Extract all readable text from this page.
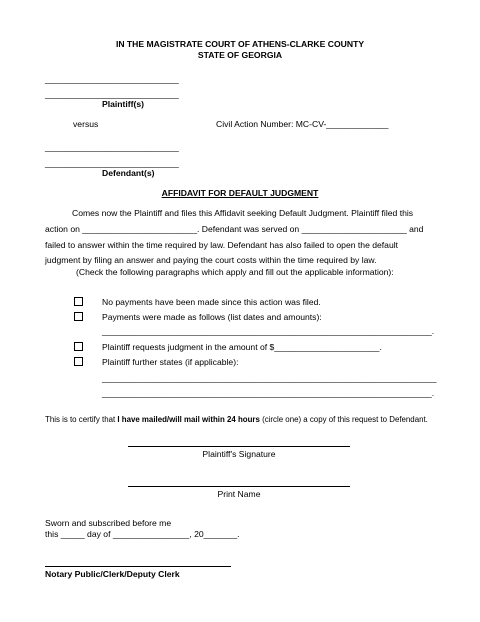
IN THE MAGISTRATE COURT OF ATHENS-CLARKE COUNTY
STATE OF GEORGIA
____________________________
____________________________
Plaintiff(s)
versus	Civil Action Number: MC-CV-_____________
____________________________
____________________________
Defendant(s)
AFFIDAVIT FOR DEFAULT JUDGMENT
Comes now the Plaintiff and files this Affidavit seeking Default Judgment. Plaintiff filed this
action on ________________________. Defendant was served on ______________________ and
failed to answer within the time required by law. Defendant has also failed to open the default
judgment by filing an answer and paying the court costs within the time required by law.
(Check the following paragraphs which apply and fill out the applicable information):
No payments have been made since this action was filed.
Payments were made as follows (list dates and amounts):
_____________________________________________________________________.
Plaintiff requests judgment in the amount of $______________________.
Plaintiff further states (if applicable):
______________________________________________________________________
_____________________________________________________________________.
This is to certify that I have mailed/will mail within 24 hours (circle one) a copy of this request to Defendant.
Plaintiff's Signature
Print Name
Sworn and subscribed before me
this _____ day of ________________, 20_______.
Notary Public/Clerk/Deputy Clerk
